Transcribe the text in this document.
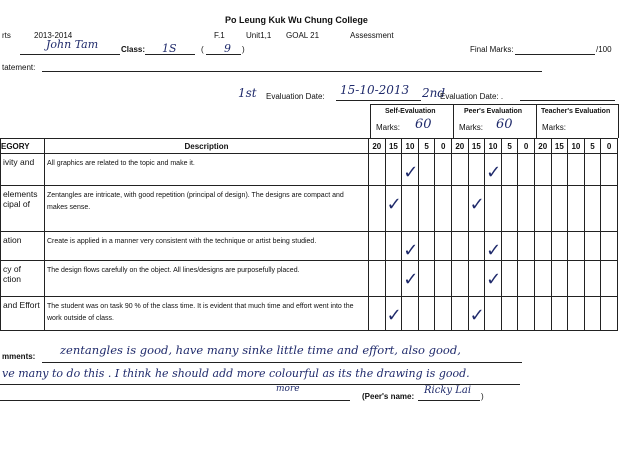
Po Leung Kuk Wu Chung College
rts	2013-2014	F.1	Unit1,1 GOAL 21	Assessment
John Tam	Class: 1S	( 9 )	Final Marks:	/100
tatement:
1st Evaluation Date: 15-10-2013 2nd
Evaluation Date: .
Self-Evaluation
Marks: 60
Peer's Evaluation
Marks: 60
Teacher's Evaluation
Marks:
EGORY	Description	20	15	10	5	0	20	15	10	5	0	20	15	10	5	0
ivity and	All graphics are related to the topic and make it.			✓					✓							

elements
cipal of	Zentangles are intricate, with good repetition (principal of design). The designs are compact and makes sense.		✓					✓								

ation	Create is applied in a manner very consistent with the technique or artist being studied.			✓					✓							

cy of
ction	The design flows carefully on the object. All lines/designs are purposefully placed.			✓					✓							

and Effort	The student was on task 90 % of the class time. It is evident that much time and effort went into the work outside of class.		✓					✓								

mments: zentangles is good, have many sinke little time and effort, also good,
ve many to do this . I think he should add more colourful as its the drawing is good.
more
(Peer's name:
Ricky Lai
)
